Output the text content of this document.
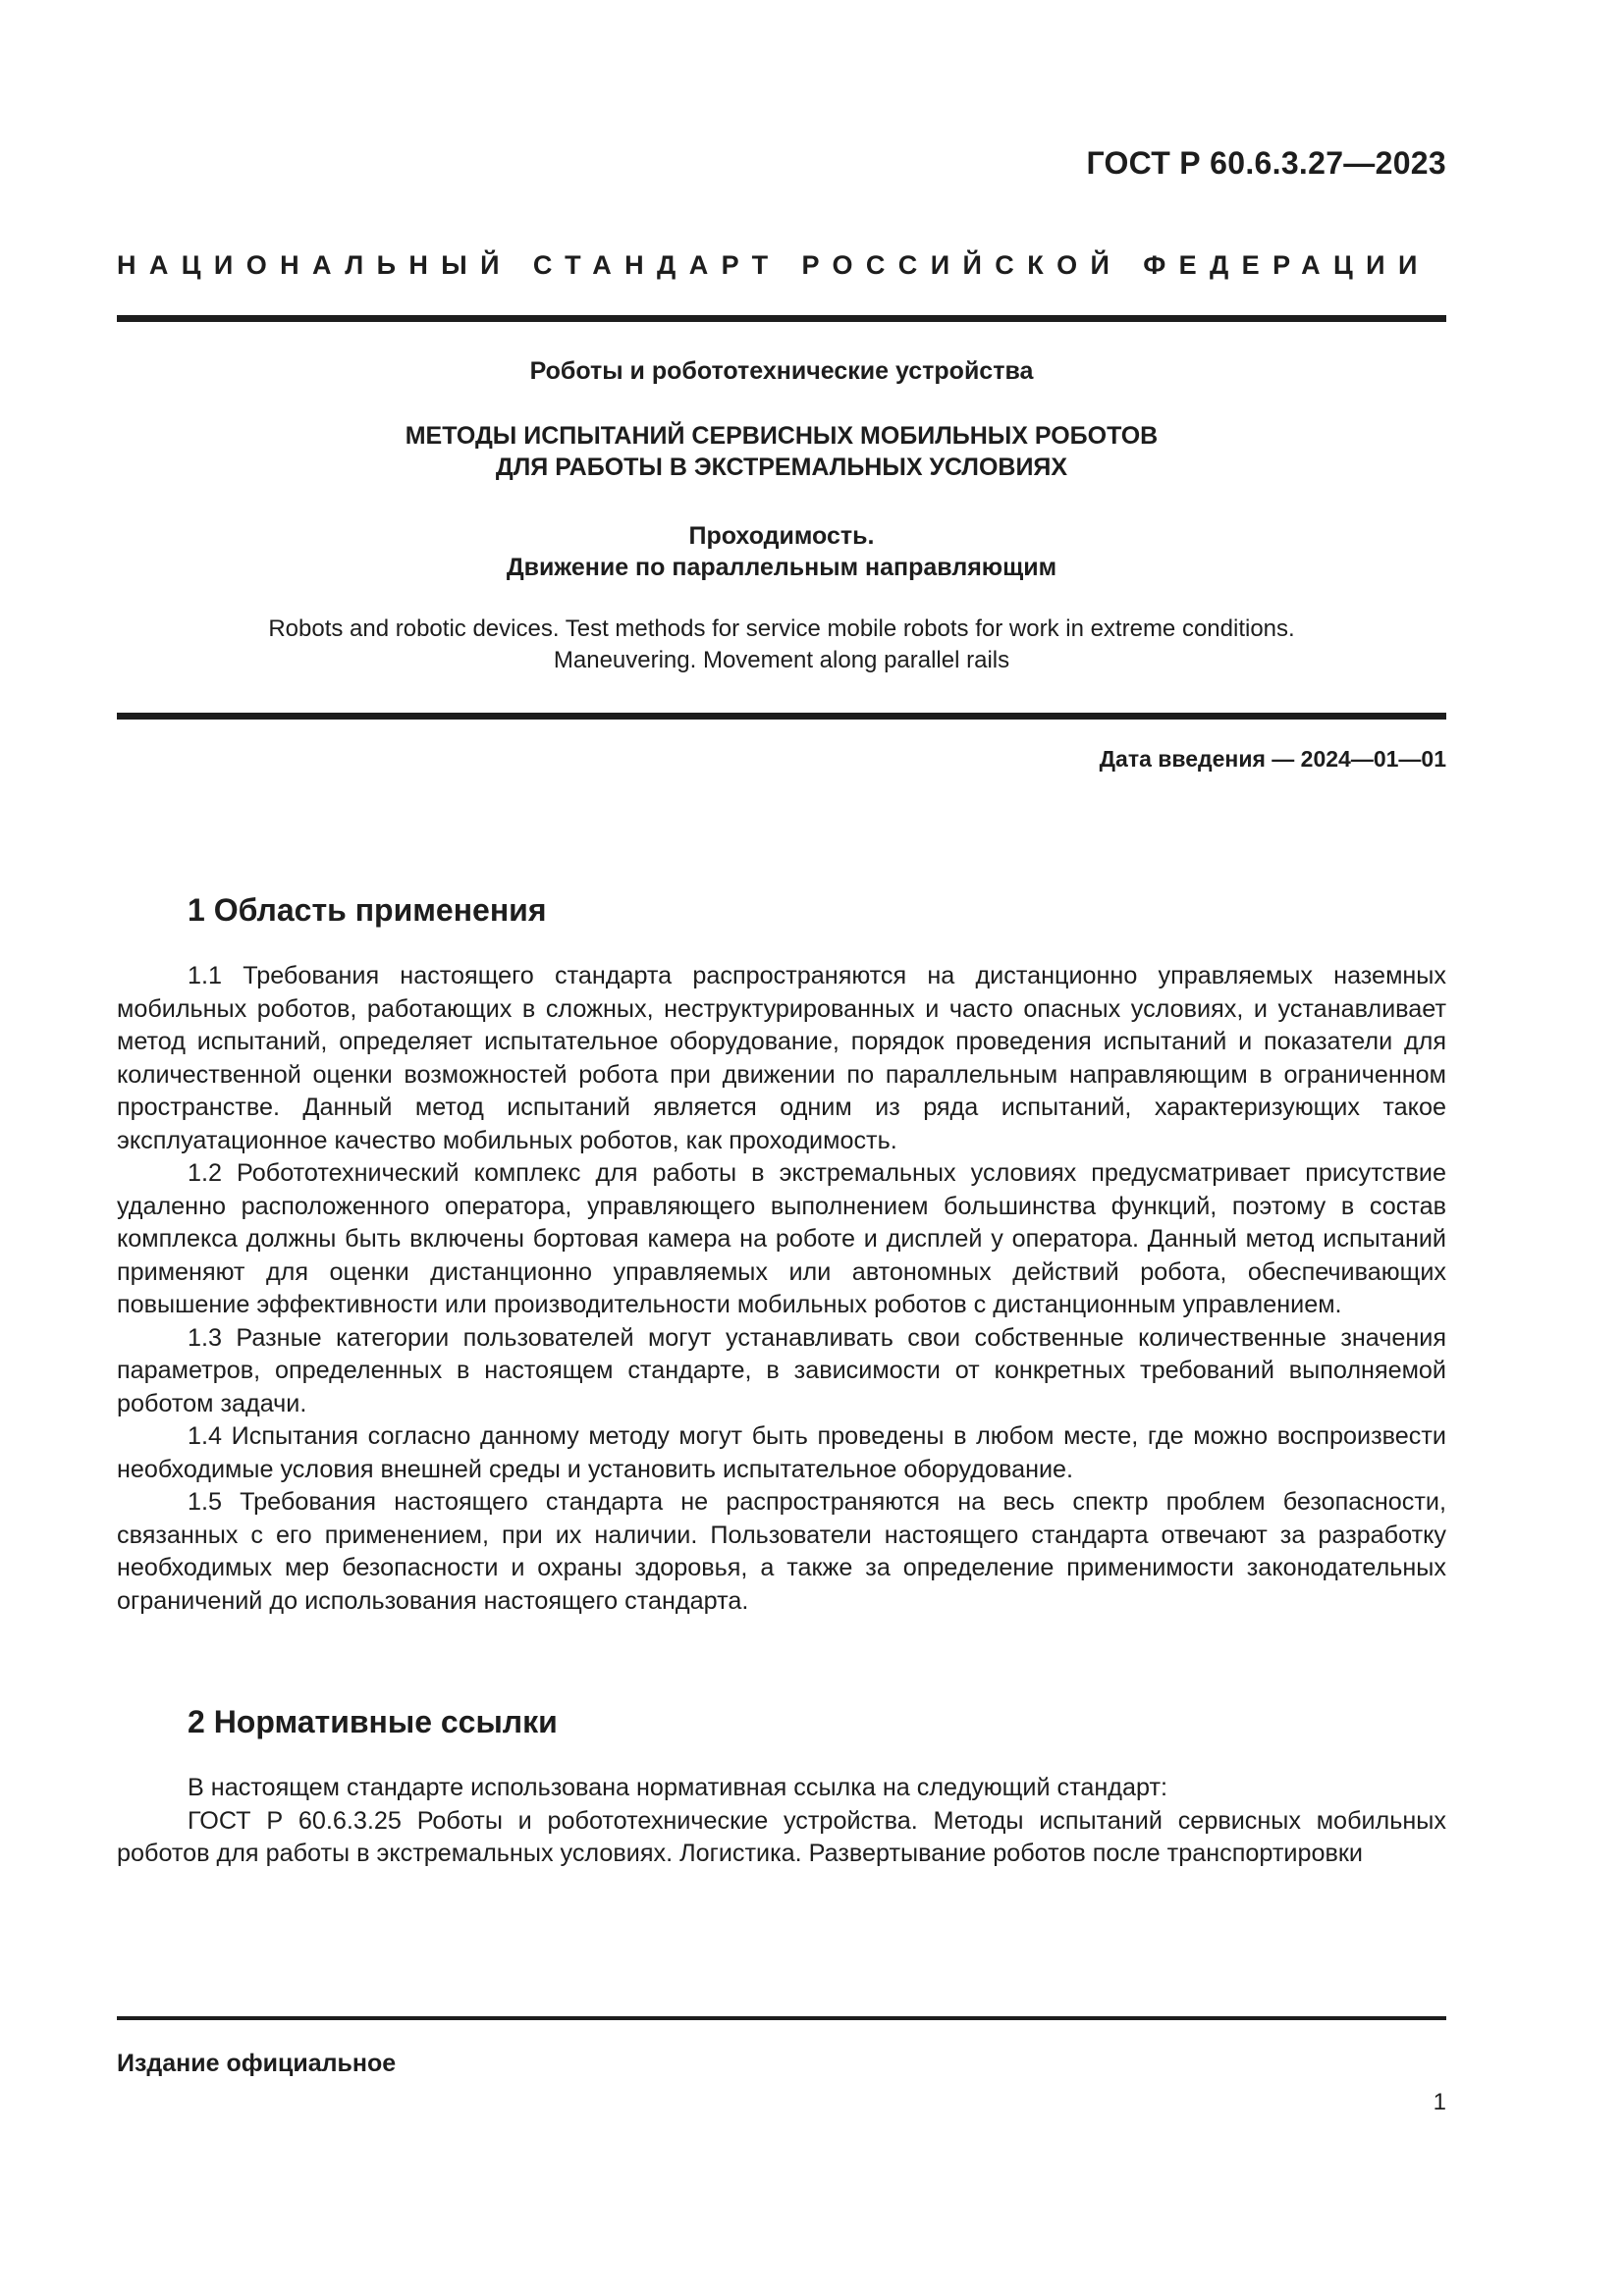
ГОСТ Р 60.6.3.27—2023
НАЦИОНАЛЬНЫЙ СТАНДАРТ РОССИЙСКОЙ ФЕДЕРАЦИИ
Роботы и робототехнические устройства
МЕТОДЫ ИСПЫТАНИЙ СЕРВИСНЫХ МОБИЛЬНЫХ РОБОТОВ
ДЛЯ РАБОТЫ В ЭКСТРЕМАЛЬНЫХ УСЛОВИЯХ
Проходимость.
Движение по параллельным направляющим
Robots and robotic devices. Test methods for service mobile robots for work in extreme conditions.
Maneuvering. Movement along parallel rails
Дата введения — 2024—01—01
1 Область применения

1.1 Требования настоящего стандарта распространяются на дистанционно управляемых наземных мобильных роботов, работающих в сложных, неструктурированных и часто опасных условиях, и устанавливает метод испытаний, определяет испытательное оборудование, порядок проведения испытаний и показатели для количественной оценки возможностей робота при движении по параллельным направляющим в ограниченном пространстве. Данный метод испытаний является одним из ряда испытаний, характеризующих такое эксплуатационное качество мобильных роботов, как проходимость.

1.2 Робототехнический комплекс для работы в экстремальных условиях предусматривает присутствие удаленно расположенного оператора, управляющего выполнением большинства функций, поэтому в состав комплекса должны быть включены бортовая камера на роботе и дисплей у оператора. Данный метод испытаний применяют для оценки дистанционно управляемых или автономных действий робота, обеспечивающих повышение эффективности или производительности мобильных роботов с дистанционным управлением.

1.3 Разные категории пользователей могут устанавливать свои собственные количественные значения параметров, определенных в настоящем стандарте, в зависимости от конкретных требований выполняемой роботом задачи.

1.4 Испытания согласно данному методу могут быть проведены в любом месте, где можно воспроизвести необходимые условия внешней среды и установить испытательное оборудование.

1.5 Требования настоящего стандарта не распространяются на весь спектр проблем безопасности, связанных с его применением, при их наличии. Пользователи настоящего стандарта отвечают за разработку необходимых мер безопасности и охраны здоровья, а также за определение применимости законодательных ограничений до использования настоящего стандарта.

2 Нормативные ссылки

В настоящем стандарте использована нормативная ссылка на следующий стандарт:

ГОСТ Р 60.6.3.25 Роботы и робототехнические устройства. Методы испытаний сервисных мобильных роботов для работы в экстремальных условиях. Логистика. Развертывание роботов после транспортировки

Издание официальное
1
